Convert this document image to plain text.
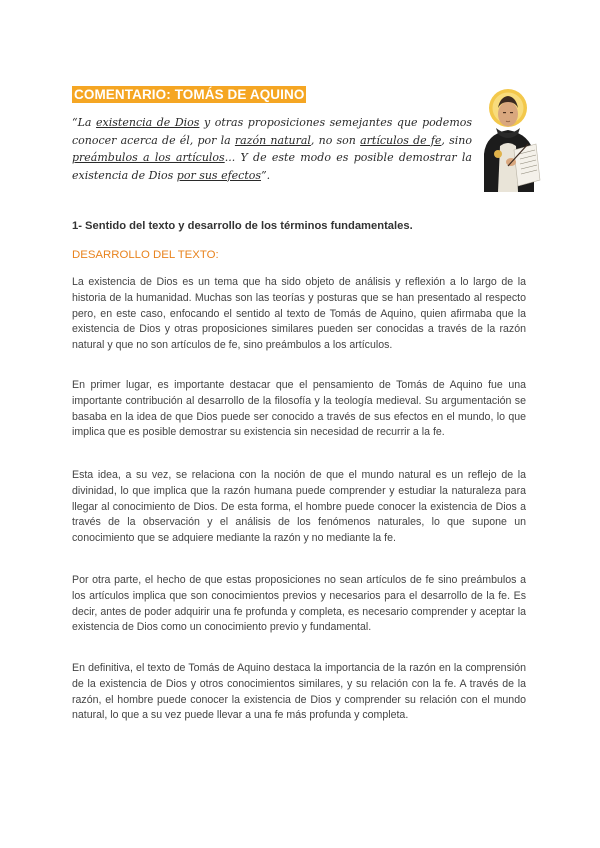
COMENTARIO: TOMÁS DE AQUINO
“La existencia de Dios y otras proposiciones semejantes que podemos conocer acerca de él, por la razón natural, no son artículos de fe, sino preámbulos a los artículos... Y de este modo es posible demostrar la existencia de Dios por sus efectos”.
1- Sentido del texto y desarrollo de los términos fundamentales.
DESARROLLO DEL TEXTO:
La existencia de Dios es un tema que ha sido objeto de análisis y reflexión a lo largo de la historia de la humanidad. Muchas son las teorías y posturas que se han presentado al respecto pero, en este caso, enfocando el sentido al texto de Tomás de Aquino, quien afirmaba que la existencia de Dios y otras proposiciones similares pueden ser conocidas a través de la razón natural y que no son artículos de fe, sino preámbulos a los artículos.
En primer lugar, es importante destacar que el pensamiento de Tomás de Aquino fue una importante contribución al desarrollo de la filosofía y la teología medieval. Su argumentación se basaba en la idea de que Dios puede ser conocido a través de sus efectos en el mundo, lo que implica que es posible demostrar su existencia sin necesidad de recurrir a la fe.
Esta idea, a su vez, se relaciona con la noción de que el mundo natural es un reflejo de la divinidad, lo que implica que la razón humana puede comprender y estudiar la naturaleza para llegar al conocimiento de Dios. De esta forma, el hombre puede conocer la existencia de Dios a través de la observación y el análisis de los fenómenos naturales, lo que supone un conocimiento que se adquiere mediante la razón y no mediante la fe.
Por otra parte, el hecho de que estas proposiciones no sean artículos de fe sino preámbulos a los artículos implica que son conocimientos previos y necesarios para el desarrollo de la fe. Es decir, antes de poder adquirir una fe profunda y completa, es necesario comprender y aceptar la existencia de Dios como un conocimiento previo y fundamental.
En definitiva, el texto de Tomás de Aquino destaca la importancia de la razón en la comprensión de la existencia de Dios y otros conocimientos similares, y su relación con la fe. A través de la razón, el hombre puede conocer la existencia de Dios y comprender su relación con el mundo natural, lo que a su vez puede llevar a una fe más profunda y completa.
